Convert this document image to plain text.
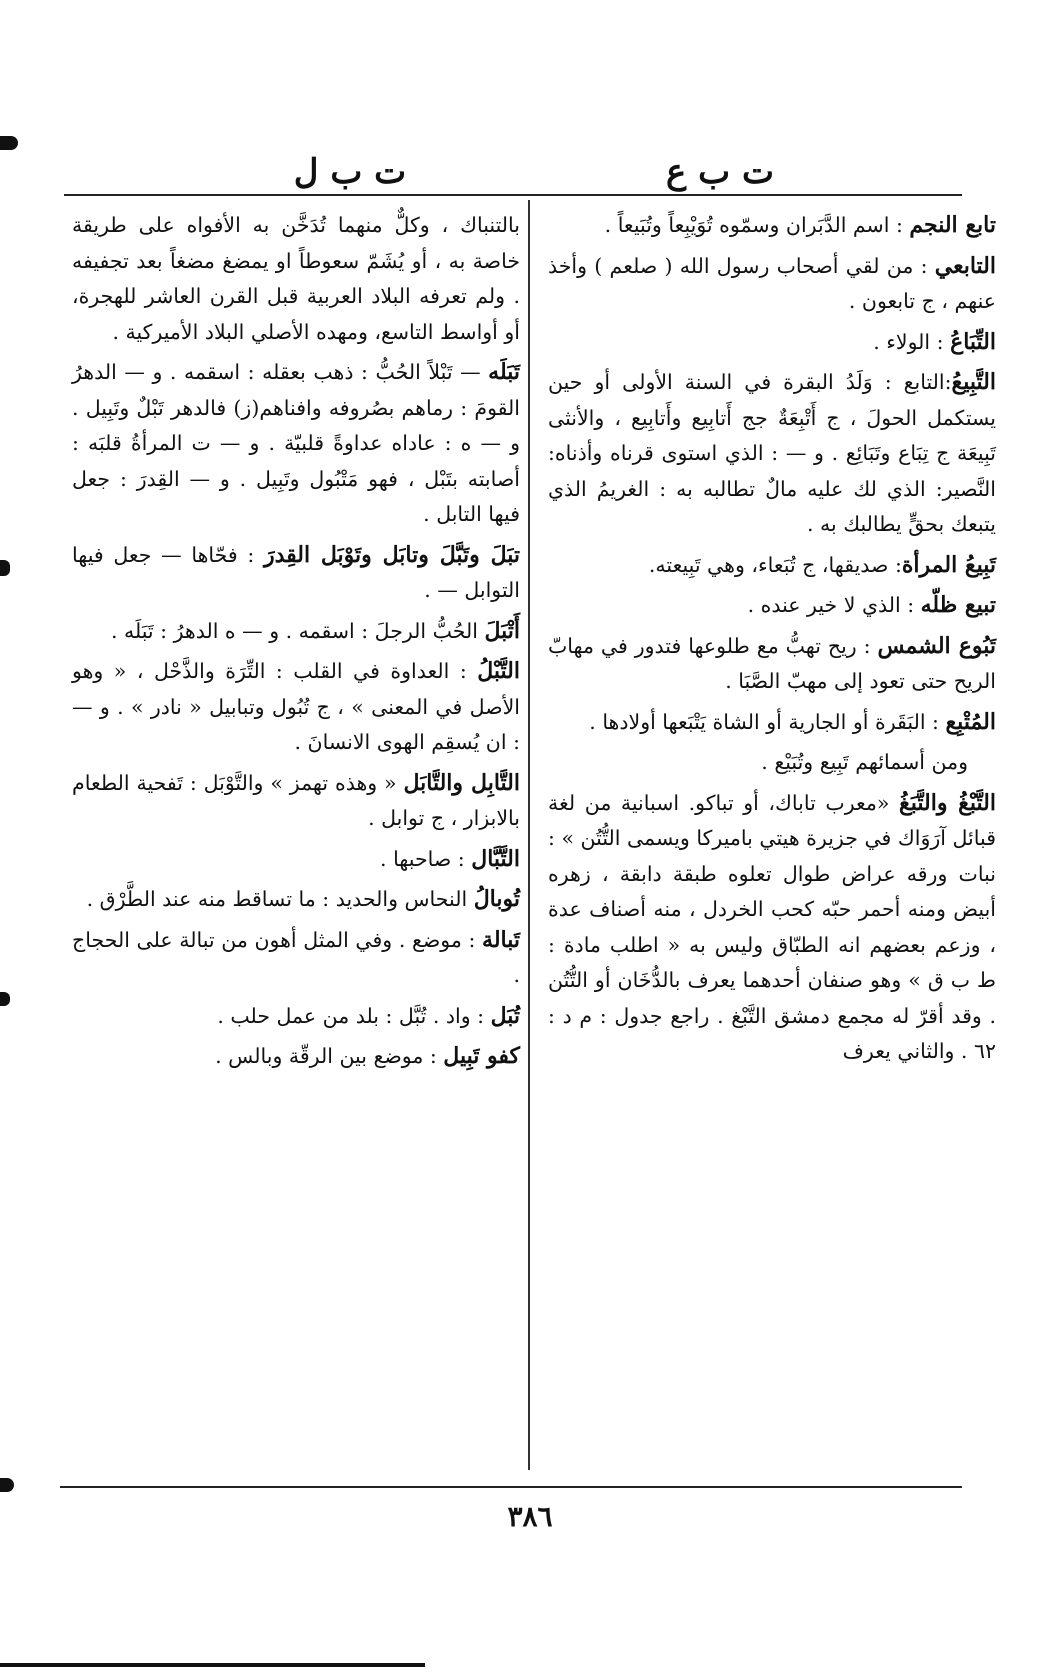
ت ب ع
ت ب ل

تابع النجم : اسم الدَّبَران وسمّوه تُوَيْبِعاً وتُبَيعاً .

التابعي : من لقي أصحاب رسول الله ( صلعم ) وأخذ عنهم ، ج تابعون .

التِّبَاعُ : الولاء .

التَّبِيعُ:التابع : وَلَدُ البقرة في السنة الأولى أو حين يستكمل الحولَ ، ج أَتْبِعَةٌ جج أَتابِيع وأَتابِيع ، والأنثى تَبِيعَة ج تِبَاع وتَبَائِع . و — : الذي استوى قرناه وأذناه: النَّصير: الذي لك عليه مالٌ تطالبه به : الغريمُ الذي يتبعك بحقٍّ يطالبك به .

تَبِيعُ المرأة: صديقها، ج تُبَعاء، وهي تَبِيعته.

تبيع ظلّه : الذي لا خير عنده .

تَبُوع الشمس : ريح تهبُّ مع طلوعها فتدور في مهابّ الريح حتى تعود إلى مهبّ الصَّبَا .

المُتْبِع : البَقَرة أو الجارية أو الشاة يَتْبَعها أولادها .

ومن أسمائهم تَبِيع وتُبَيْع .

التَّبْغُ والتَّبَغُ «معرب تاباك، أو تباكو. اسبانية من لغة قبائل آرَوَاك في جزيرة هيتي باميركا ويسمى التُّتُن » : نبات ورقه عراض طوال تعلوه طبقة دابقة ، زهره أبيض ومنه أحمر حبّه كحب الخردل ، منه أصناف عدة ، وزعم بعضهم انه الطبّاق وليس به « اطلب مادة : ط ب ق » وهو صنفان أحدهما يعرف بالدُّخَان أو التُّتُن . وقد أقرّ له مجمع دمشق التَّبْغ . راجع جدول : م د : ٦٢ . والثاني يعرف

بالتنباك ، وكلٌّ منهما تُدَخَّن به الأفواه على طريقة خاصة به ، أو يُشَمّ سعوطاً او يمضغ مضغاً بعد تجفيفه . ولم تعرفه البلاد العربية قبل القرن العاشر للهجرة، أو أواسط التاسع، ومهده الأصلي البلاد الأميركية .

تَبَلَه — تَبْلاً الحُبُّ : ذهب بعقله : اسقمه . و — الدهرُ القومَ : رماهم بصُروفه وافناهم(ز) فالدهر تَبْلٌ وتَبِيل . و — ه : عاداه عداوةً قلبيّة . و — ت المرأةُ قلبَه : أصابته بتَبْل ، فهو مَتْبُول وتَبِيل . و — القِدرَ : جعل فيها التابل .

تبَلَ وتَبَّلَ وتابَل وتَوْبَل القِدرَ : فحّاها — جعل فيها التوابل — .

أَتْبَلَ الحُبُّ الرجلَ : اسقمه . و — ه الدهرُ : تَبَلَه .

التَّبْلُ : العداوة في القلب : التِّرَة والذَّحْل ، « وهو الأصل في المعنى » ، ج تُبُول وتبابيل « نادر » . و — : ان يُسقِم الهوى الانسانَ .

التَّابِل والتَّابَل « وهذه تهمز » والتَّوْبَل : تَفحية الطعام بالابزار ، ج توابل .

التَّبَّال : صاحبها .

تُوبالُ النحاس والحديد : ما تساقط منه عند الطَّرْق .

تَبالة : موضع . وفي المثل أهون من تبالة على الحجاج .

تُبَل : واد . تُبَّل : بلد من عمل حلب .

كفو تَبِيل : موضع بين الرقّة وبالس .

٣٨٦
